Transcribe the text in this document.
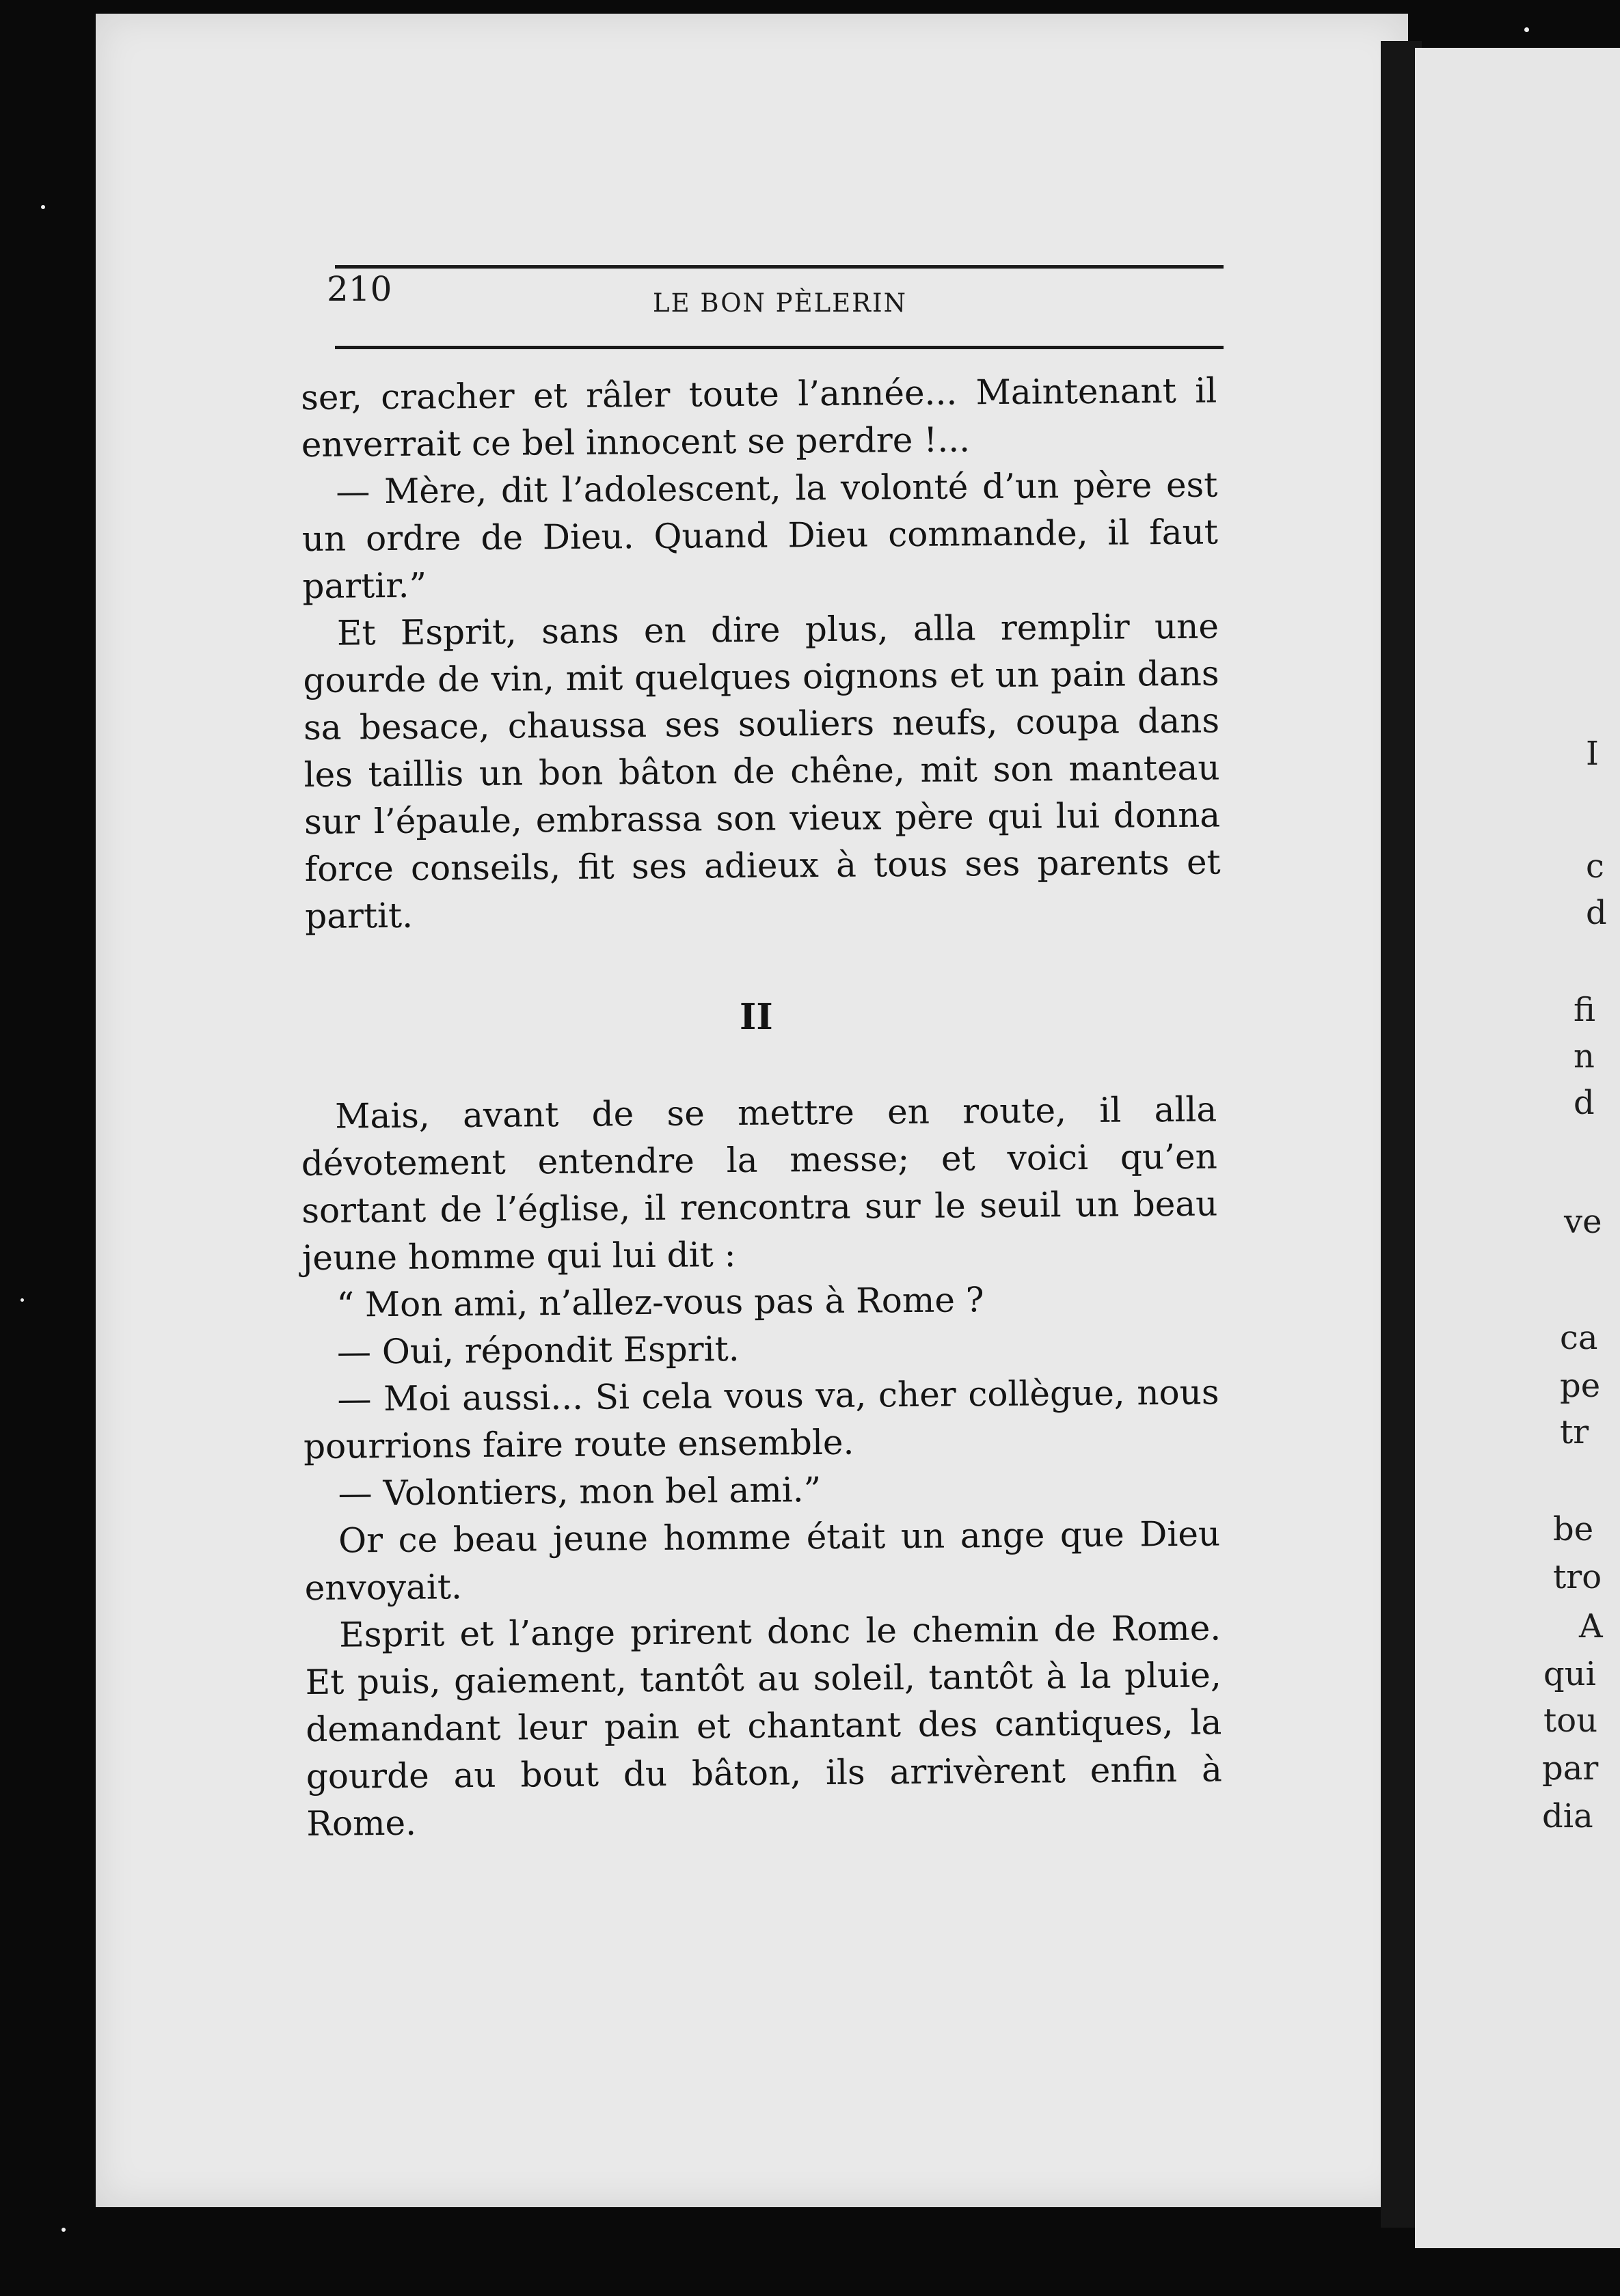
I
c
d
fi
n
d
ve
ca
pe
tr
be
tro
A
qui
tou
par
dia
210	LE BON PÈLERIN

ser, cracher et râler toute l’année... Maintenant il enverrait ce bel innocent se perdre !...

— Mère, dit l’adolescent, la volonté d’un père est un ordre de Dieu. Quand Dieu commande, il faut partir.”

Et Esprit, sans en dire plus, alla remplir une gourde de vin, mit quelques oignons et un pain dans sa besace, chaussa ses souliers neufs, coupa dans les taillis un bon bâton de chêne, mit son manteau sur l’épaule, embrassa son vieux père qui lui donna force conseils, fit ses adieux à tous ses parents et partit.

II

Mais, avant de se mettre en route, il alla dévotement entendre la messe; et voici qu’en sortant de l’église, il rencontra sur le seuil un beau jeune homme qui lui dit :

“ Mon ami, n’allez-vous pas à Rome ?

— Oui, répondit Esprit.

— Moi aussi... Si cela vous va, cher collègue, nous pourrions faire route ensemble.

— Volontiers, mon bel ami.”

Or ce beau jeune homme était un ange que Dieu envoyait.

Esprit et l’ange prirent donc le chemin de Rome. Et puis, gaiement, tantôt au soleil, tantôt à la pluie, demandant leur pain et chantant des cantiques, la gourde au bout du bâton, ils arrivèrent enfin à Rome.
